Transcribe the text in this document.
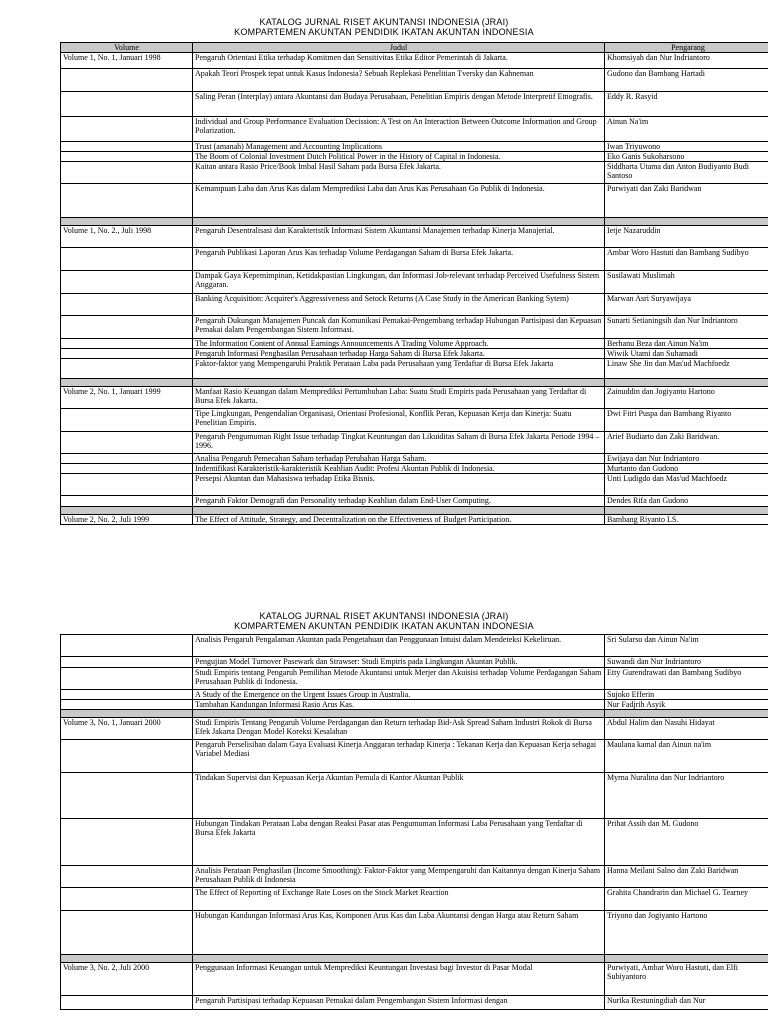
KATALOG JURNAL RISET AKUNTANSI INDONESIA (JRAI)
KOMPARTEMEN AKUNTAN PENDIDIK IKATAN AKUNTAN INDONESIA
Volume	Judul	Pengarang
Volume 1, No. 1, Januari 1998	Pengaruh Orientasi Etika terhadap Komitmen dan Sensitivitas Etika Editor Pemerintah di Jakarta.	Khomsiyah dan Nur Indriantoro
	Apakah Teori Prospek tepat untuk Kasus Indonesia? Sebuah Replekasi Penelitian Tversky dan Kahneman	Gudono dan Bambang Hartadi
	Saling Peran (Interplay) antara Akuntansi dan Budaya Perusahaan, Penelitian Empiris dengan Metode Interpretif Etnografis.	Eddy R. Rasyid
	Individual and Group Performance Evaluation Decission: A Test on An Interaction Between Outcome Information and Group Polarization.	Ainun Na'im
	Trust (amanah) Management and Accounting Implications	Iwan Triyuwono
	The Boom of Colonial Investment Dutch Political Power in the History of Capital in Indonesia.	Eko Ganis Sukoharsono
	Kaitan antara Rasio Price/Book Imbal Hasil Saham pada Bursa Efek Jakarta.	Siddharta Utama dan Anton Budiyanto Budi Santoso
	Kemampuan Laba dan Arus Kas dalam Memprediksi Laba dan Arus Kas Perusahaan Go Publik di Indonesia.	Purwiyati dan Zaki Baridwan

Volume 1, No. 2., Juli 1998	Pengaruh Desentralisasi dan Karakteristik Informasi Sistem Akuntansi Manajemen terhadap Kinerja Manajerial.	Ietje Nazaruddin
	Pengaruh Publikasi Laporan Arus Kas terhadap Volume Perdagangan Saham di Bursa Efek Jakarta.	Ambar Woro Hastuti dan Bambang Sudibyo
	Dampak Gaya Kepemimpinan, Ketidakpastian Lingkungan, dan Informasi Job-relevant terhadap Perceived Usefulness Sistem Anggaran.	Susilawati Muslimah
	Banking Acquisition: Acquirer's Aggressiveness and Setock Returns (A Case Study in the American Banking Sytem)	Marwan Asri Suryawijaya
	Pengaruh Dukungan Manajemen Puncak dan Komunikasi Pemakai-Pengembang terhadap Hubungan Partisipasi dan Kepuasan Pemakai dalam Pengembangan Sistem Informasi.	Sunarti Setianingsih dan Nur Indriantoro
	The Information Content of Annual Earnings Announcements A Trading Volume Approach.	Berhanu Beza dan Ainun Na'im
	Pengaruh Informasi Penghasilan Perusahaan terhadap Harga Saham di Bursa Efek Jakarta.	Wiwik Utami dan Suhamadi
	Faktor-faktor yang Mempengaruhi Praktik Perataan Laba pada Perusahaan yang Terdaftar di Bursa Efek Jakarta	Linaw She Jin dan Mas'ud Machfoedz

Volume 2, No. 1, Januari 1999	Manfaat Rasio Keuangan dalam Memprediksi Pertumbuhan Laba: Suatu Studi Empiris pada Perusahaan yang Terdaftar di Bursa Efek Jakarta.	Zainuddin dan Jogiyanto Hartono
	Tipe Lingkungan, Pengendalian Organisasi, Orientasi Profesional, Konflik Peran, Kepuasan Kerja dan Kinerja: Suatu Penelitian Empiris.	Dwi Fitri Puspa dan Bambang Riyanto
	Pengaruh Pengumuman Right Issue terhadap Tingkat Keuntungan dan Likuiditas Saham di Bursa Efek Jakarta Periode 1994 – 1996.	Arief Budiarto dan Zaki Baridwan.
	Analisa Pengaruh Pemecahan Saham terhadap Perubahan Harga Saham.	Ewijaya dan Nur Indriantoro
	Indentifikasi Karakteristik-karakteristik Keahlian Audit: Profesi Akuntan Publik di Indonesia.	Murtanto dan Gudono
	Persepsi Akuntan dan Mahasiswa terhadap Etika Bisnis.	Unti Ludigdo dan Mas'ud Machfoedz
	Pengaruh Faktor Demografi dan Personality terhadap Keahlian dalam End-User Computing.	Dendes Rifa dan Gudono

Volume 2, No. 2, Juli 1999	The Effect of Attitude, Strategy, and Decentralization on the Effectiveness of Budget Participation.	Bambang Riyanto LS.
KATALOG JURNAL RISET AKUNTANSI INDONESIA (JRAI)
KOMPARTEMEN AKUNTAN PENDIDIK IKATAN AKUNTAN INDONESIA
	Analisis Pengaruh Pengalaman Akuntan pada Pengetahuan dan Penggunaan Intuisi dalam Mendeteksi Kekeliruan.	Sri Sularso dan Ainun Na'im
	Pengujian Model Turnover Pasewark dan Strawser: Studi Empiris pada Lingkungan Akuntan Publik.	Suwandi dan Nur Indriantoro
	Studi Empiris tentang Pengaruh Pemilihan Metode Akuntansi untuk Merjer dan Akuisisi terhadap Volume Perdagangan Saham Perusahaan Publik di Indonesia.	Etty Gurendrawati dan Bambang Sudibyo
	A Study of the Emergence on the Urgent Issues Group in Australia.	Sujoko Efferin
	Tambahan Kandungan Informasi Rasio Arus Kas.	Nur Fadjrih Asyik

Volume 3, No. 1, Januari 2000	Studi Empiris Tentang Pengaruh Volume Perdagangan dan Return terhadap Bid-Ask Spread Saham Industri Rokok di Bursa Efek Jakarta Dengan Model Koreksi Kesalahan	Abdul Halim dan Nasuhi Hidayat
	Pengaruh Perselisihan dalam Gaya Evaluasi Kinerja Anggaran terhadap Kinerja : Tekanan Kerja dan Kepuasan Kerja sebagai Variabel Mediasi	Maulana kamal dan Ainun na'im
	Tindakan Supervisi dan Kepuasan Kerja Akuntan Pemula di Kantor Akuntan Publik	Myrna Nuralina dan Nur Indriantoro
	Hubungan Tindakan Perataan Laba dengan Reaksi Pasar atas Pengumuman Informasi Laba Perusahaan yang Terdaftar di Bursa Efek Jakarta	Prihat Assih dan M. Gudono
	Analisis Perataan Penghasilan (Income Smoothing): Faktor-Faktor yang Mempengaruhi dan Kaitannya dengan Kinerja Saham Perusahaan Publik di Indonesia	Hanna Meilani Salno dan Zaki Baridwan
	The Effect of Reporting of Exchange Rate Loses on the Stock Market Reaction	Grahita Chandrarin dan Michael G. Tearney
	Hubungan Kandungan Informasi Arus Kas, Komponen Arus Kas dan Laba Akuntansi dengan Harga atau Return Saham	Triyono dan Jogiyanto Hartono

Volume 3, No. 2, Juli 2000	Penggunaan Informasi Keuangan untuk Memprediksi Keuntungan Investasi bagi Investor di Pasar Modal	Purwiyati, Ambar Woro Hastuti, dan Elfi Subiyantoro
	Pengaruh Partisipasi terhadap Kepuasan Pemakai dalam Pengembangan Sistem Informasi dengan	Nurika Restuningdiah dan Nur
